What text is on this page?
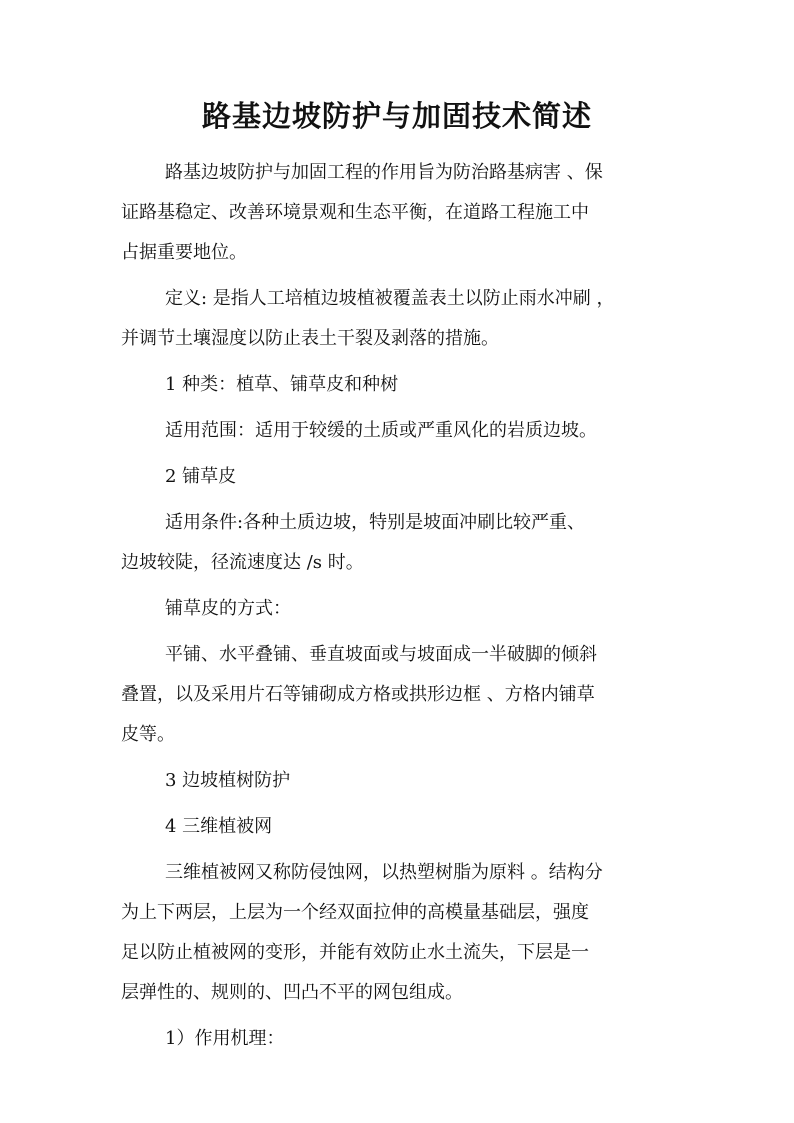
路基边坡防护与加固技术简述
路基边坡防护与加固工程的作用旨为防治路基病害 、保
证路基稳定、改善环境景观和生态平衡，在道路工程施工中
占据重要地位。
定义: 是指人工培植边坡植被覆盖表土以防止雨水冲刷 ，
并调节土壤湿度以防止表土干裂及剥落的措施。
1 种类：植草、铺草皮和种树
适用范围：适用于较缓的土质或严重风化的岩质边坡。
2 铺草皮
适用条件:各种土质边坡，特别是坡面冲刷比较严重、
边坡较陡，径流速度达 /s 时。
铺草皮的方式：
平铺、水平叠铺、垂直坡面或与坡面成一半破脚的倾斜
叠置，以及采用片石等铺砌成方格或拱形边框 、方格内铺草
皮等。
3 边坡植树防护
4 三维植被网
三维植被网又称防侵蚀网，以热塑树脂为原料 。结构分
为上下两层，上层为一个经双面拉伸的高模量基础层，强度
足以防止植被网的变形，并能有效防止水土流失，下层是一
层弹性的、规则的、凹凸不平的网包组成。
1）作用机理：
